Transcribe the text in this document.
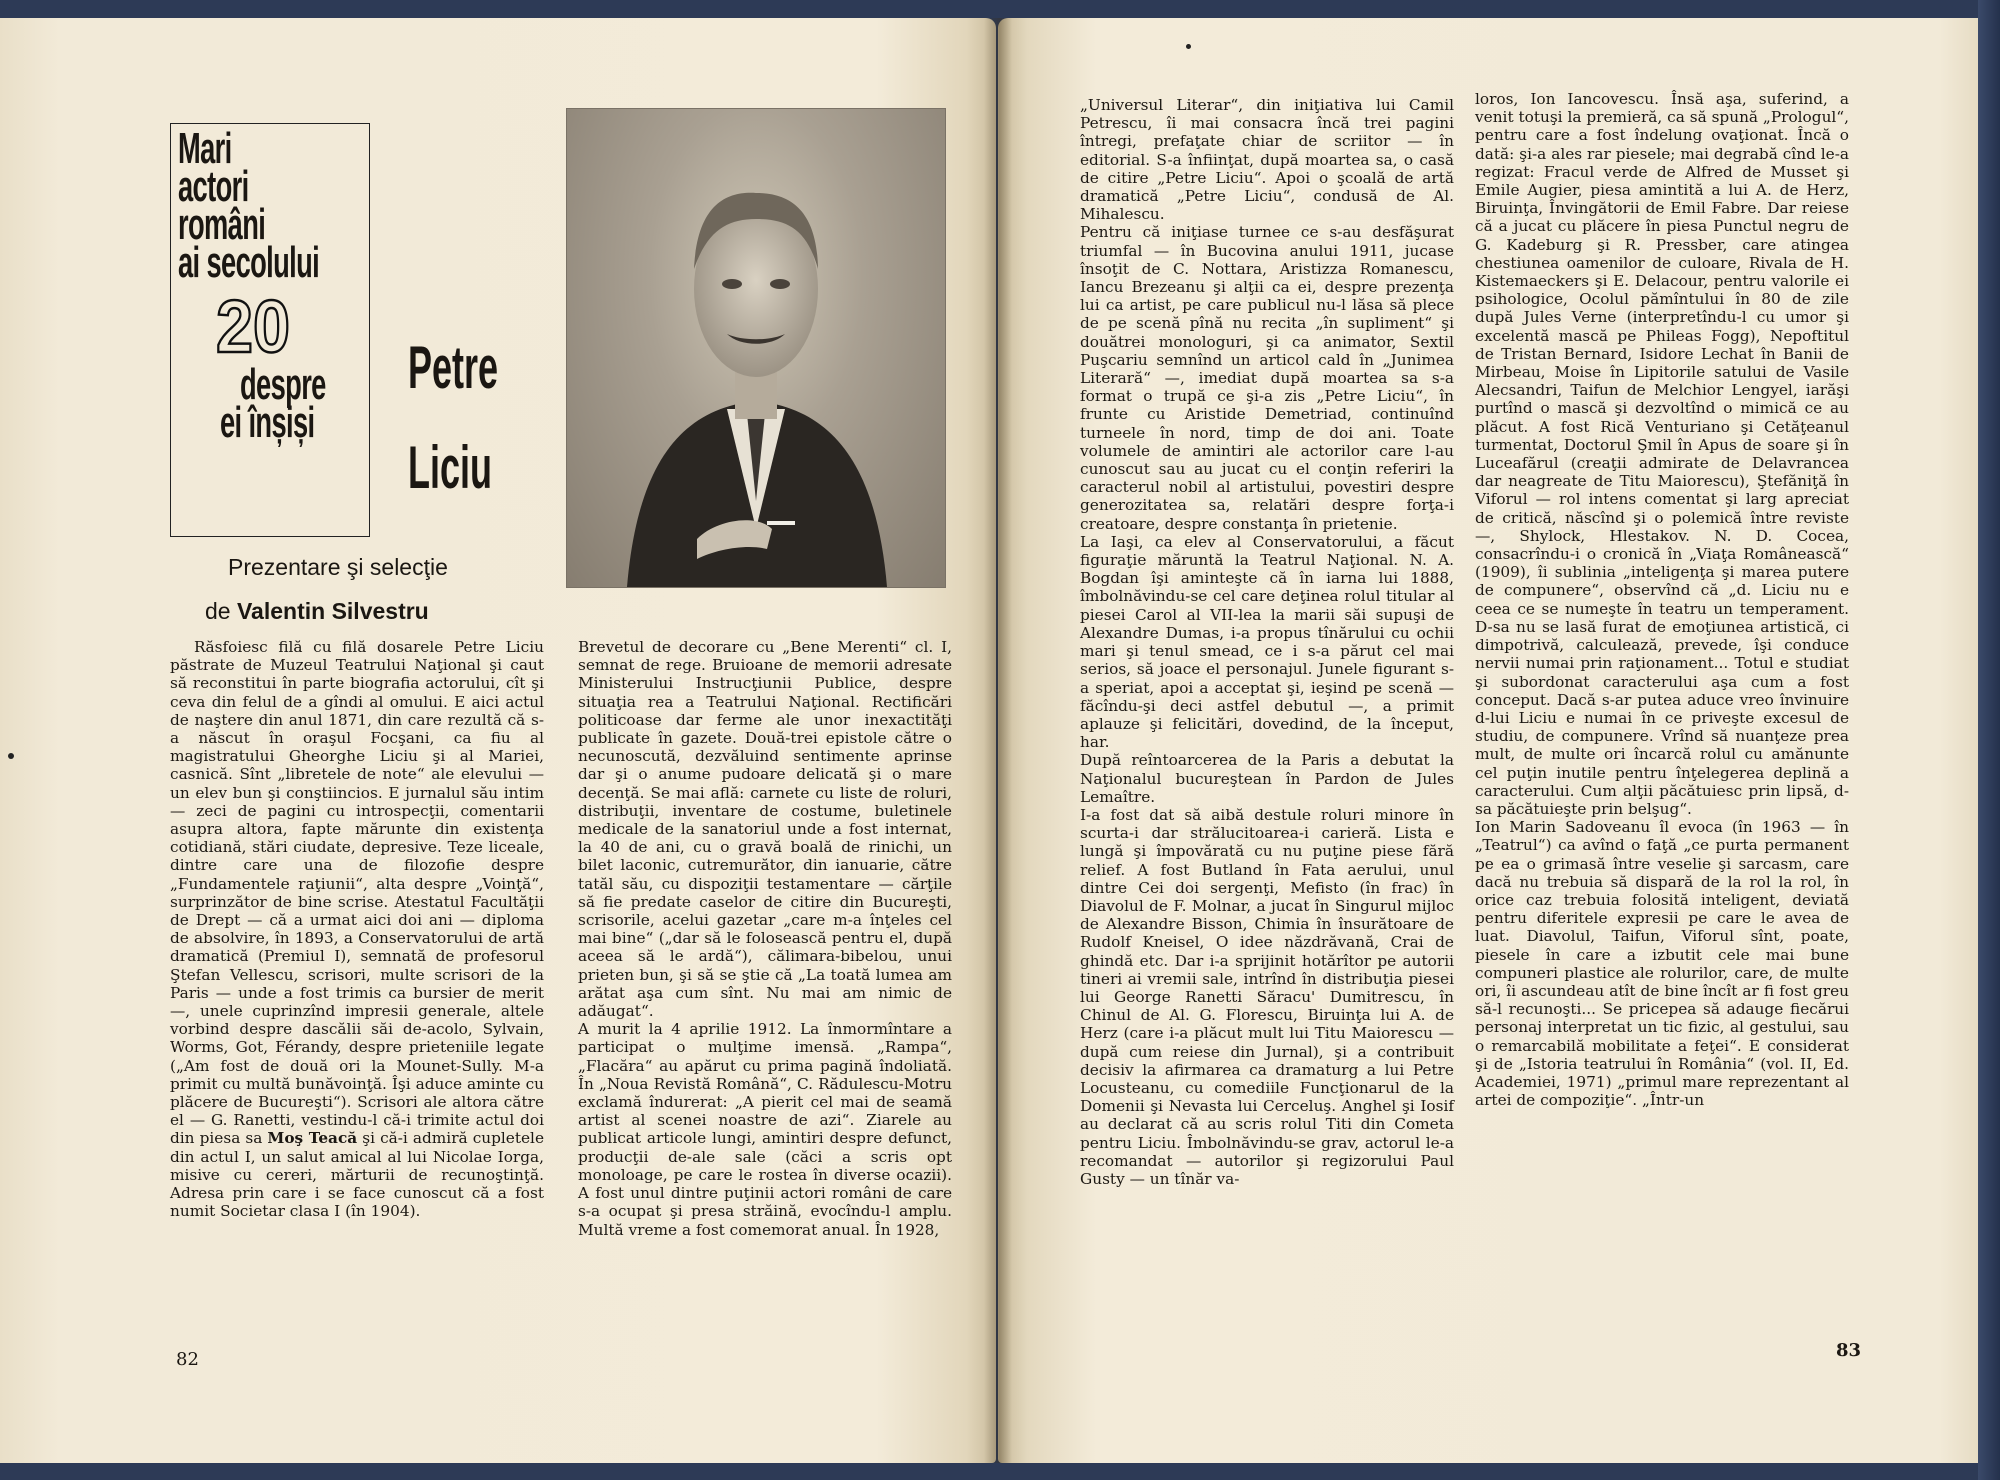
Mari
actori
români
ai secolului
20
despre
ei înșiși
Petre
Liciu
Prezentare şi selecţie
de Valentin Silvestru

Răsfoiesc filă cu filă dosarele Petre Liciu păstrate de Muzeul Teatrului Naţional şi caut să reconstitui în parte biografia actorului, cît şi ceva din felul de a gîndi al omului. E aici actul de naştere din anul 1871, din care rezultă că s-a născut în oraşul Focşani, ca fiu al magistratului Gheorghe Liciu şi al Mariei, casnică. Sînt „libretele de note“ ale elevului — un elev bun şi conştiincios. E jurnalul său intim — zeci de pagini cu introspecţii, comentarii asupra altora, fapte mărunte din existenţa cotidiană, stări ciudate, depresive. Teze liceale, dintre care una de filozofie despre „Fundamentele raţiunii“, alta despre „Voinţă“, surprinzător de bine scrise. Atestatul Facultăţii de Drept — că a urmat aici doi ani — diploma de absolvire, în 1893, a Conservatorului de artă dramatică (Premiul I), semnată de profesorul Ştefan Vellescu, scrisori, multe scrisori de la Paris — unde a fost trimis ca bursier de merit —, unele cuprinzînd impresii generale, altele vorbind despre dascălii săi de-acolo, Sylvain, Worms, Got, Férandy, despre prieteniile legate („Am fost de două ori la Mounet-Sully. M-a primit cu multă bunăvoinţă. Îşi aduce aminte cu plăcere de Bucureşti“). Scrisori ale altora către el — G. Ranetti, vestindu-l că-i trimite actul doi din piesa sa Moş Teacă şi că-i admiră cupletele din actul I, un salut amical al lui Nicolae Iorga, misive cu cereri, mărturii de recunoştinţă. Adresa prin care i se face cunoscut că a fost numit Societar clasa I (în 1904).

Brevetul de decorare cu „Bene Merenti“ cl. I, semnat de rege. Bruioane de memorii adresate Ministerului Instrucţiunii Publice, despre situaţia rea a Teatrului Naţional. Rectificări politicoase dar ferme ale unor inexactităţi publicate în gazete. Două-trei epistole către o necunoscută, dezvăluind sentimente aprinse dar şi o anume pudoare delicată şi o mare decenţă. Se mai află: carnete cu liste de roluri, distribuţii, inventare de costume, buletinele medicale de la sanatoriul unde a fost internat, la 40 de ani, cu o gravă boală de rinichi, un bilet laconic, cutremurător, din ianuarie, către tatăl său, cu dispoziţii testamentare — cărţile să fie predate caselor de citire din Bucureşti, scrisorile, acelui gazetar „care m-a înţeles cel mai bine“ („dar să le folosească pentru el, după aceea să le ardă“), călimara-bibelou, unui prieten bun, şi să se ştie că „La toată lumea am arătat aşa cum sînt. Nu mai am nimic de adăugat“.
A murit la 4 aprilie 1912. La înmormîntare a participat o mulţime imensă. „Rampa“, „Flacăra“ au apărut cu prima pagină îndoliată. În „Noua Revistă Română“, C. Rădulescu-Motru exclamă îndurerat: „A pierit cel mai de seamă artist al scenei noastre de azi“. Ziarele au publicat articole lungi, amintiri despre defunct, producţii de-ale sale (căci a scris opt monoloage, pe care le rostea în diverse ocazii). A fost unul dintre puţinii actori români de care s-a ocupat şi presa străină, evocîndu-l amplu. Multă vreme a fost comemorat anual. În 1928,
82
„Universul Literar“, din iniţiativa lui Camil Petrescu, îi mai consacra încă trei pagini întregi, prefaţate chiar de scriitor — în editorial. S-a înfiinţat, după moartea sa, o casă de citire „Petre Liciu“. Apoi o şcoală de artă dramatică „Petre Liciu“, condusă de Al. Mihalescu.
Pentru că iniţiase turnee ce s-au desfăşurat triumfal — în Bucovina anului 1911, jucase însoţit de C. Nottara, Aristizza Romanescu, Iancu Brezeanu şi alţii ca ei, despre prezenţa lui ca artist, pe care publicul nu-l lăsa să plece de pe scenă pînă nu recita „în supliment“ şi douătrei monologuri, şi ca animator, Sextil Puşcariu semnînd un articol cald în „Junimea Literară“ —, imediat după moartea sa s-a format o trupă ce şi-a zis „Petre Liciu“, în frunte cu Aristide Demetriad, continuînd turneele în nord, timp de doi ani. Toate volumele de amintiri ale actorilor care l-au cunoscut sau au jucat cu el conţin referiri la caracterul nobil al artistului, povestiri despre generozitatea sa, relatări despre forţa-i creatoare, despre constanţa în prietenie.
La Iaşi, ca elev al Conservatorului, a făcut figuraţie măruntă la Teatrul Naţional. N. A. Bogdan îşi aminteşte că în iarna lui 1888, îmbolnăvindu-se cel care deţinea rolul titular al piesei Carol al VII-lea la marii săi supuşi de Alexandre Dumas, i-a propus tînărului cu ochii mari şi tenul smead, ce i s-a părut cel mai serios, să joace el personajul. Junele figurant s-a speriat, apoi a acceptat şi, ieşind pe scenă — făcîndu-şi deci astfel debutul —, a primit aplauze şi felicitări, dovedind, de la început, har.
După reîntoarcerea de la Paris a debutat la Naţionalul bucureştean în Pardon de Jules Lemaître.
I-a fost dat să aibă destule roluri minore în scurta-i dar strălucitoarea-i carieră. Lista e lungă şi împovărată cu nu puţine piese fără relief. A fost Butland în Fata aerului, unul dintre Cei doi sergenţi, Mefisto (în frac) în Diavolul de F. Molnar, a jucat în Singurul mijloc de Alexandre Bisson, Chimia în însurătoare de Rudolf Kneisel, O idee năzdrăvană, Crai de ghindă etc. Dar i-a sprijinit hotărîtor pe autorii tineri ai vremii sale, intrînd în distribuţia piesei lui George Ranetti Săracu' Dumitrescu, în Chinul de Al. G. Florescu, Biruinţa lui A. de Herz (care i-a plăcut mult lui Titu Maiorescu — după cum reiese din Jurnal), şi a contribuit decisiv la afirmarea ca dramaturg a lui Petre Locusteanu, cu comediile Funcţionarul de la Domenii şi Nevasta lui Cerceluş. Anghel şi Iosif au declarat că au scris rolul Titi din Cometa pentru Liciu. Îmbolnăvindu-se grav, actorul le-a recomandat — autorilor şi regizorului Paul Gusty — un tînăr va-
loros, Ion Iancovescu. Însă aşa, suferind, a venit totuşi la premieră, ca să spună „Prologul“, pentru care a fost îndelung ovaţionat. Încă o dată: şi-a ales rar piesele; mai degrabă cînd le-a regizat: Fracul verde de Alfred de Musset şi Emile Augier, piesa amintită a lui A. de Herz, Biruinţa, Învingătorii de Emil Fabre. Dar reiese că a jucat cu plăcere în piesa Punctul negru de G. Kadeburg şi R. Pressber, care atingea chestiunea oamenilor de culoare, Rivala de H. Kistemaeckers şi E. Delacour, pentru valorile ei psihologice, Ocolul pămîntului în 80 de zile după Jules Verne (interpretîndu-l cu umor şi excelentă mască pe Phileas Fogg), Nepoftitul de Tristan Bernard, Isidore Lechat în Banii de Mirbeau, Moise în Lipitorile satului de Vasile Alecsandri, Taifun de Melchior Lengyel, iarăşi purtînd o mască şi dezvoltînd o mimică ce au plăcut. A fost Rică Venturiano şi Cetăţeanul turmentat, Doctorul Şmil în Apus de soare şi în Luceafărul (creaţii admirate de Delavrancea dar neagreate de Titu Maiorescu), Ştefăniţă în Viforul — rol intens comentat şi larg apreciat de critică, născînd şi o polemică între reviste —, Shylock, Hlestakov. N. D. Cocea, consacrîndu-i o cronică în „Viaţa Românească“ (1909), îi sublinia „inteligenţa şi marea putere de compunere“, observînd că „d. Liciu nu e ceea ce se numeşte în teatru un temperament. D-sa nu se lasă furat de emoţiunea artistică, ci dimpotrivă, calculează, prevede, îşi conduce nervii numai prin raţionament... Totul e studiat şi subordonat caracterului aşa cum a fost conceput. Dacă s-ar putea aduce vreo învinuire d-lui Liciu e numai în ce priveşte excesul de studiu, de compunere. Vrînd să nuanţeze prea mult, de multe ori încarcă rolul cu amănunte cel puţin inutile pentru înţelegerea deplină a caracterului. Cum alţii păcătuiesc prin lipsă, d-sa păcătuieşte prin belşug“.
Ion Marin Sadoveanu îl evoca (în 1963 — în „Teatrul“) ca avînd o faţă „ce purta permanent pe ea o grimasă între veselie şi sarcasm, care dacă nu trebuia să dispară de la rol la rol, în orice caz trebuia folosită inteligent, deviată pentru diferitele expresii pe care le avea de luat. Diavolul, Taifun, Viforul sînt, poate, piesele în care a izbutit cele mai bune compuneri plastice ale rolurilor, care, de multe ori, îi ascundeau atît de bine încît ar fi fost greu să-l recunoşti... Se pricepea să adauge fiecărui personaj interpretat un tic fizic, al gestului, sau o remarcabilă mobilitate a feţei“. E considerat şi de „Istoria teatrului în România“ (vol. II, Ed. Academiei, 1971) „primul mare reprezentant al artei de compoziţie“. „Într-un
83
